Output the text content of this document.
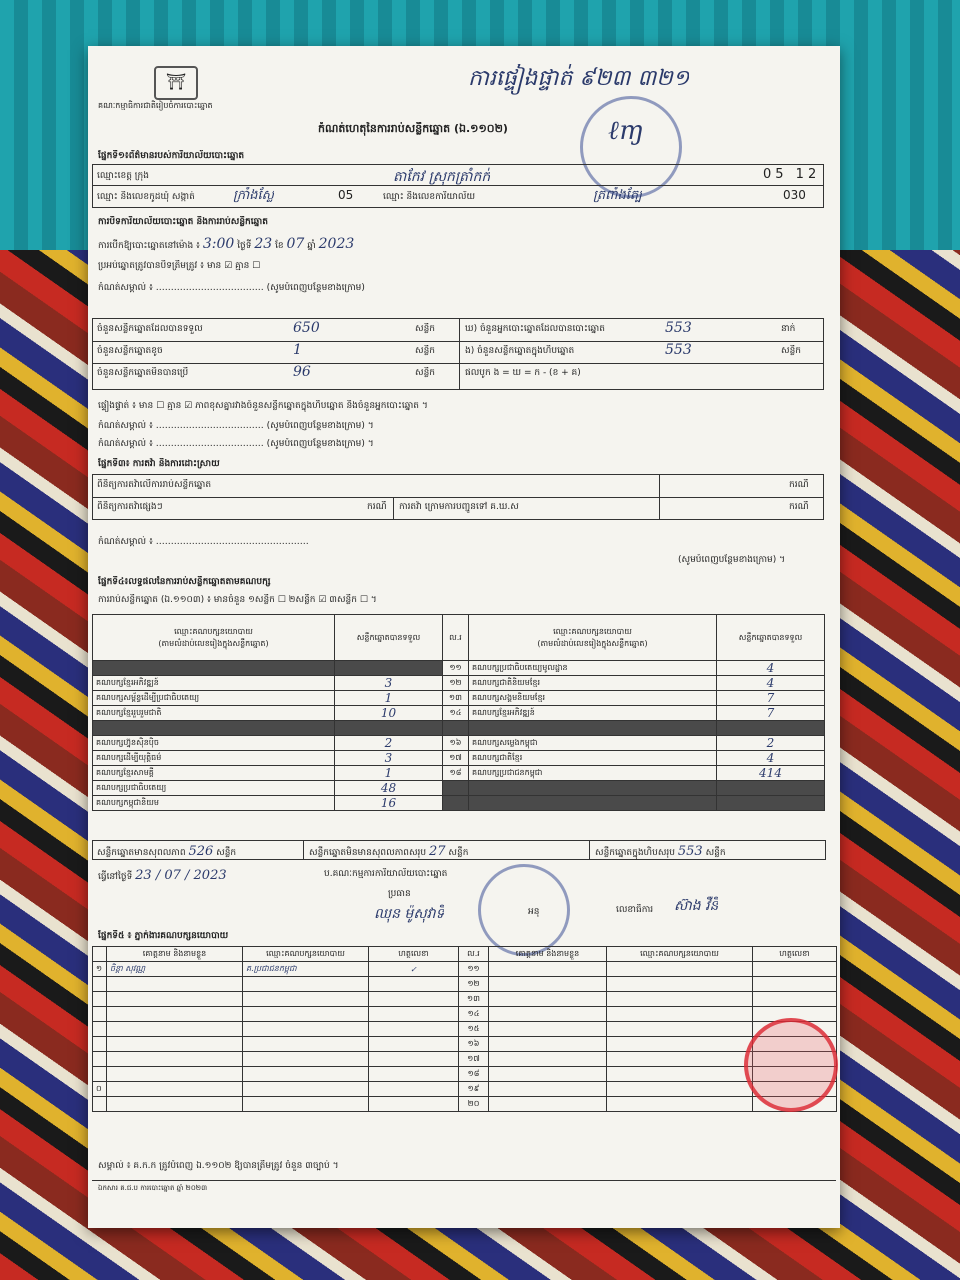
⛩	ការផ្ទៀងផ្ទាត់ ៩២៣ ៣២១
គណៈកម្មាធិការជាតិរៀបចំការបោះឆ្នោត
កំណត់ហេតុនៃការរាប់សន្លឹកឆ្នោត (ឯ.១១០២)	ℓɱ
ផ្នែកទី១៖ព័ត៌មានរបស់ការិយាល័យបោះឆ្នោត
ឈ្មោះខេត្ត ក្រុង	តាកែវ ស្រុកត្រាំកក់	05 12
ឈ្មោះ និងលេខកូដឃុំ សង្កាត់	ក្រាំងស្លែ	05	ឈ្មោះ និងលេខការិយាល័យ	ត្រពាំងត្បែ	030
ការបិទការិយាល័យបោះឆ្នោត និងការរាប់សន្លឹកឆ្នោត
ការបើកឱ្យបោះឆ្នោតនៅម៉ោង ៖ 3:00 ថ្ងៃទី 23 ខែ 07 ឆ្នាំ 2023
ប្រអប់ឆ្នោតត្រូវបានបិទត្រឹមត្រូវ ៖ មាន ☑ គ្មាន ☐
កំណត់សម្គាល់ ៖ ……………………………… (សូមបំពេញបន្ថែមខាងក្រោម)
ចំនួនសន្លឹកឆ្នោតដែលបានទទួល	650	សន្លឹក
ចំនួនសន្លឹកឆ្នោតខូច	1	សន្លឹក
ចំនួនសន្លឹកឆ្នោតមិនបានប្រើ	96	សន្លឹក
ឃ) ចំនួនអ្នកបោះឆ្នោតដែលបានបោះឆ្នោត	553	នាក់
ង) ចំនួនសន្លឹកឆ្នោតក្នុងហិបឆ្នោត	553	សន្លឹក
ផលបូក ង = ឃ = ក - (ខ + គ)
ផ្ទៀងផ្ទាត់ ៖ មាន ☐ គ្មាន ☑ ភាពខុសគ្នារវាងចំនួនសន្លឹកឆ្នោតក្នុងហិបឆ្នោត និងចំនួនអ្នកបោះឆ្នោត ។
កំណត់សម្គាល់ ៖ ……………………………… (សូមបំពេញបន្ថែមខាងក្រោម) ។
កំណត់សម្គាល់ ៖ ……………………………… (សូមបំពេញបន្ថែមខាងក្រោម) ។
ផ្នែកទី៣៖ ការតវ៉ា និងការដោះស្រាយ
ពិនិត្យការតវ៉ាលើការរាប់សន្លឹកឆ្នោត	ករណី
ពិនិត្យការតវ៉ាផ្សេងៗ	ករណី ការតវ៉ា ក្រោមការបញ្ជូនទៅ គ.ឃ.ស	ករណី
កំណត់សម្គាល់ ៖ ……………………………………………
(សូមបំពេញបន្ថែមខាងក្រោម) ។
ផ្នែកទី៤៖លទ្ធផលនៃការរាប់សន្លឹកឆ្នោតតាមគណបក្ស
ការរាប់សន្លឹកឆ្នោត (ឯ.១១០៣) ៖ មានចំនួន ១សន្លឹក ☐ ២សន្លឹក ☑ ៣សន្លឹក ☐ ។
ឈ្មោះគណបក្សនយោបាយ
(តាមលំដាប់លេខរៀងក្នុងសន្លឹកឆ្នោត)	សន្លឹកឆ្នោតបានទទួល	ល.រ	ឈ្មោះគណបក្សនយោបាយ
(តាមលំដាប់លេខរៀងក្នុងសន្លឹកឆ្នោត)	សន្លឹកឆ្នោតបានទទួល
		១១	គណបក្សប្រជាធិបតេយ្យមូលដ្ឋាន	4
គណបក្សខ្មែរអភិវឌ្ឍន៍	3	១២	គណបក្សជាតិនិយមខ្មែរ	4
គណបក្សសម្ព័ន្ធដើម្បីប្រជាធិបតេយ្យ	1	១៣	គណបក្សសង្គមនិយមខ្មែរ	7
គណបក្សខ្មែររួបរួមជាតិ	10	១៤	គណបក្សខ្មែរអភិវឌ្ឍន៍	7

គណបក្សហ្វ៊ុនស៊ិនប៉ិច	2	១៦	គណបក្សសម្លេងកម្ពុជា	2
គណបក្សដើម្បីយុត្តិធម៌	3	១៧	គណបក្សជាតិខ្មែរ	4
គណបក្សខ្មែរសាមគ្គី	1	១៨	គណបក្សប្រជាជនកម្ពុជា	414
គណបក្សប្រជាធិបតេយ្យ	48			
គណបក្សកម្ពុជានិយម	16			
សន្លឹកឆ្នោតមានសុពលភាព 526 សន្លឹក	សន្លឹកឆ្នោតមិនមានសុពលភាពសរុប 27 សន្លឹក	សន្លឹកឆ្នោតក្នុងហិបសរុប 553 សន្លឹក
ធ្វើនៅថ្ងៃទី 23 / 07 / 2023	ប.គណៈកម្មការការិយាល័យបោះឆ្នោត
ប្រធាន
ឈុន ម៉ូសុវាទី	អនុ	លេខាធិការ ស៊ាង វឺនី
ផ្នែកទី៥ ៖ ភ្នាក់ងារគណបក្សនយោបាយ
	គោត្តនាម និងនាមខ្លួន	ឈ្មោះគណបក្សនយោបាយ	ហត្ថលេខា	ល.រ	គោត្តនាម និងនាមខ្លួន	ឈ្មោះគណបក្សនយោបាយ	ហត្ថលេខា
១	ចិន្តា សុវណ្ណ	គ.ប្រជាជនកម្ពុជា	✓	១១			
				១២			
				១៣			
				១៤			
				១៥			
				១៦			
				១៧			
				១៨			
០				១៩			
				២០			
សម្គាល់ ៖ គ.ក.ក ត្រូវបំពេញ ឯ.១១០២ ឱ្យបានត្រឹមត្រូវ ចំនួន ៣ច្បាប់ ។
ឯកសារ គ.ជ.ប ការបោះឆ្នោត ឆ្នាំ ២០២៣
